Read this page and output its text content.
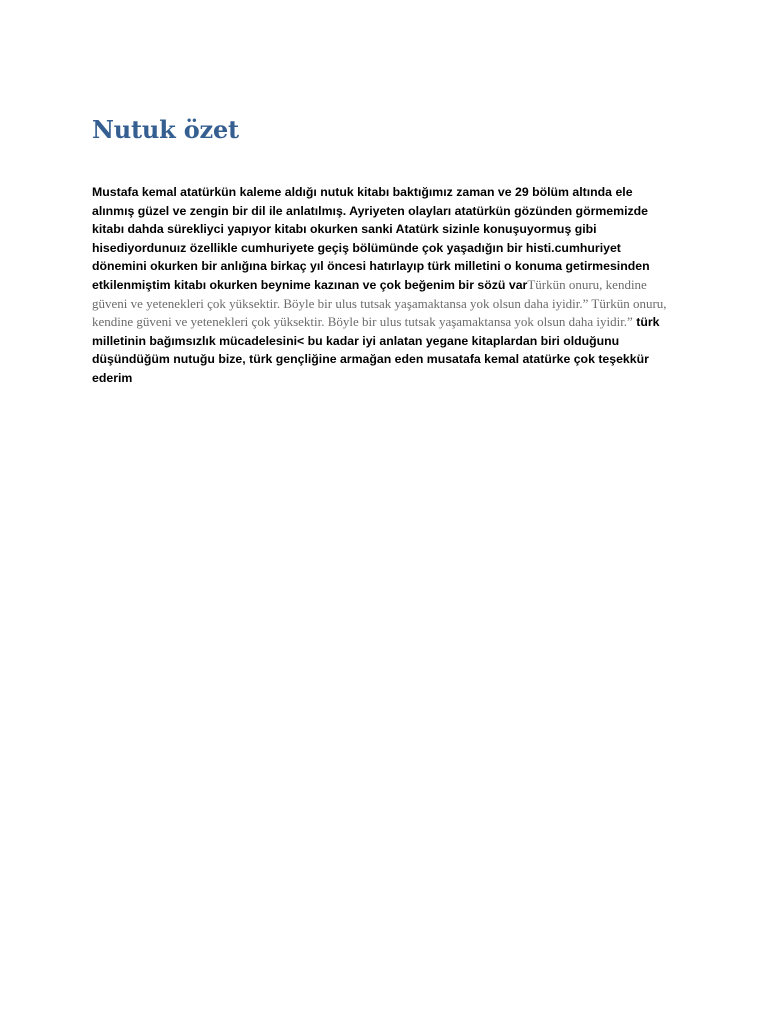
Nutuk özet

Mustafa kemal atatürkün kaleme aldığı nutuk kitabı baktığımız zaman ve 29 bölüm altında ele alınmış güzel ve zengin bir dil ile anlatılmış. Ayriyeten olayları atatürkün gözünden görmemizde kitabı dahda sürekliyci yapıyor kitabı okurken sanki Atatürk sizinle konuşuyormuş gibi hisediyordunuız özellikle cumhuriyete geçiş bölümünde çok yaşadığın bir histi.cumhuriyet dönemini okurken bir anlığına birkaç yıl öncesi hatırlayıp türk milletini o konuma getirmesinden etkilenmiştim kitabı okurken beynime kazınan ve çok beğenim bir sözü varTürkün onuru, kendine güveni ve yetenekleri çok yüksektir. Böyle bir ulus tutsak yaşamaktansa yok olsun daha iyidir.” Türkün onuru, kendine güveni ve yetenekleri çok yüksektir. Böyle bir ulus tutsak yaşamaktansa yok olsun daha iyidir.” türk milletinin bağımsızlık mücadelesini< bu kadar iyi anlatan yegane kitaplardan biri olduğunu düşündüğüm nutuğu bize, türk gençliğine armağan eden musatafa kemal atatürke çok teşekkür ederim
